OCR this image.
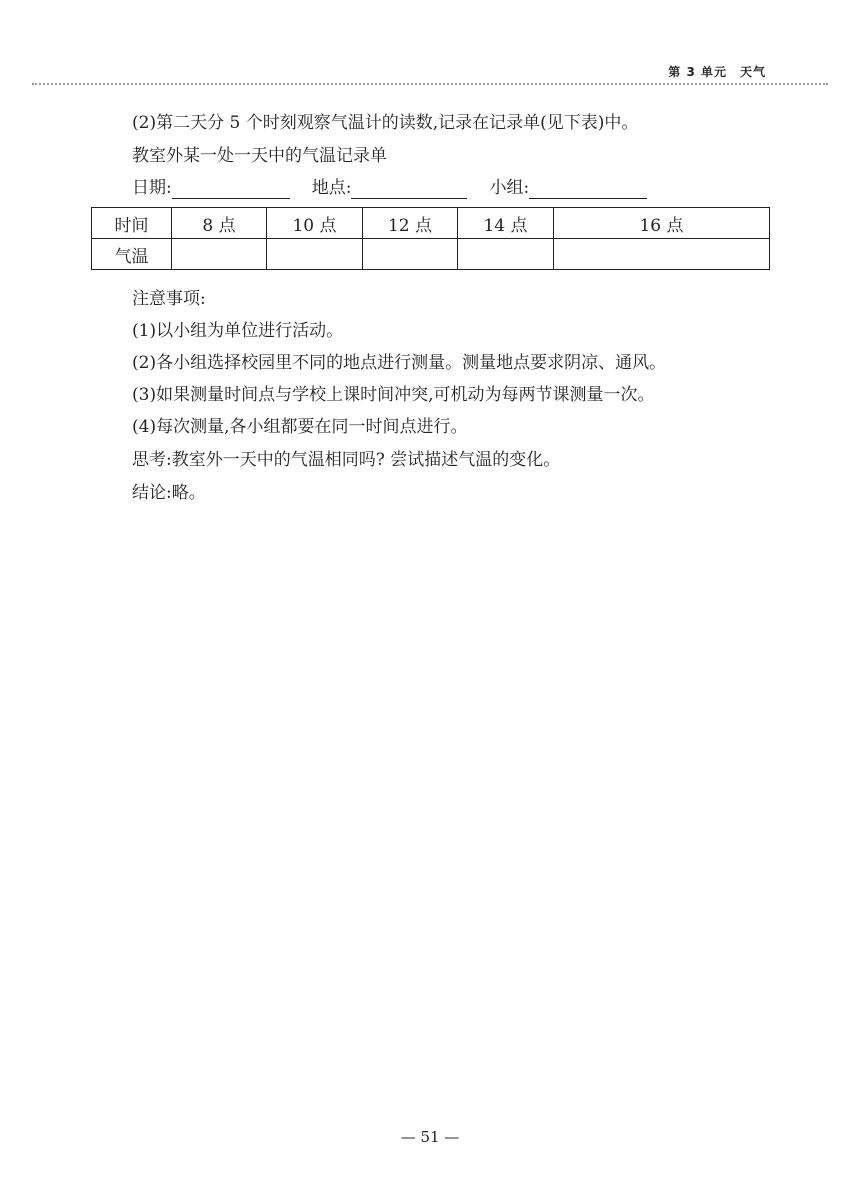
第 3 单元　天气
(2)第二天分 5 个时刻观察气温计的读数,记录在记录单(见下表)中。
教室外某一处一天中的气温记录单
日期:	地点:	小组:
时间	8 点	10 点	12 点	14 点	16 点
气温					
注意事项:
(1)以小组为单位进行活动。
(2)各小组选择校园里不同的地点进行测量。测量地点要求阴凉、通风。
(3)如果测量时间点与学校上课时间冲突,可机动为每两节课测量一次。
(4)每次测量,各小组都要在同一时间点进行。
思考:教室外一天中的气温相同吗? 尝试描述气温的变化。
结论:略。
— 51 —
